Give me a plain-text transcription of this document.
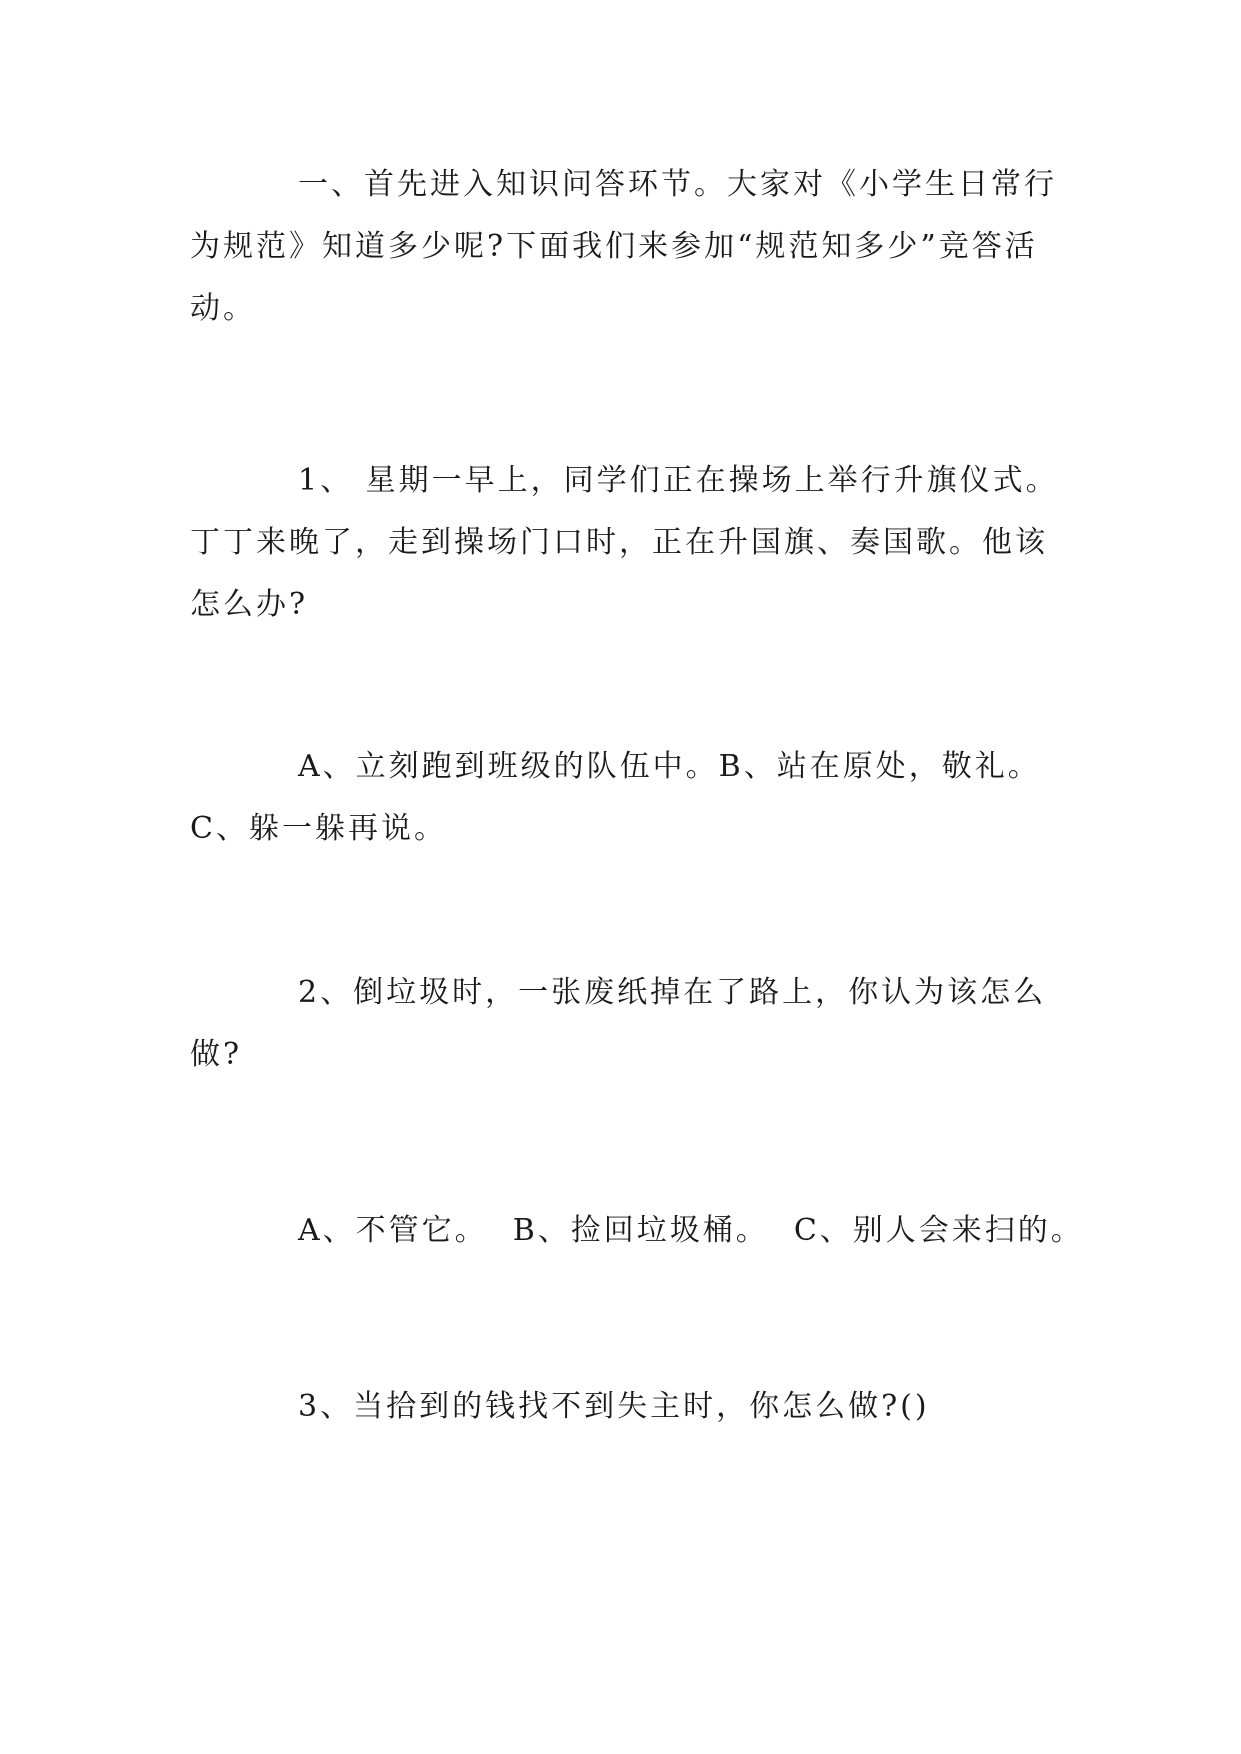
一、首先进入知识问答环节。大家对《小学生日常行为规范》知道多少呢?下面我们来参加“规范知多少”竞答活动。

1、 星期一早上，同学们正在操场上举行升旗仪式。丁丁来晚了，走到操场门口时，正在升国旗、奏国歌。他该怎么办?

A、立刻跑到班级的队伍中。B、站在原处，敬礼。C、躲一躲再说。

2、倒垃圾时，一张废纸掉在了路上，你认为该怎么做?

A、不管它。  B、捡回垃圾桶。  C、别人会来扫的。

3、当拾到的钱找不到失主时，你怎么做?()
